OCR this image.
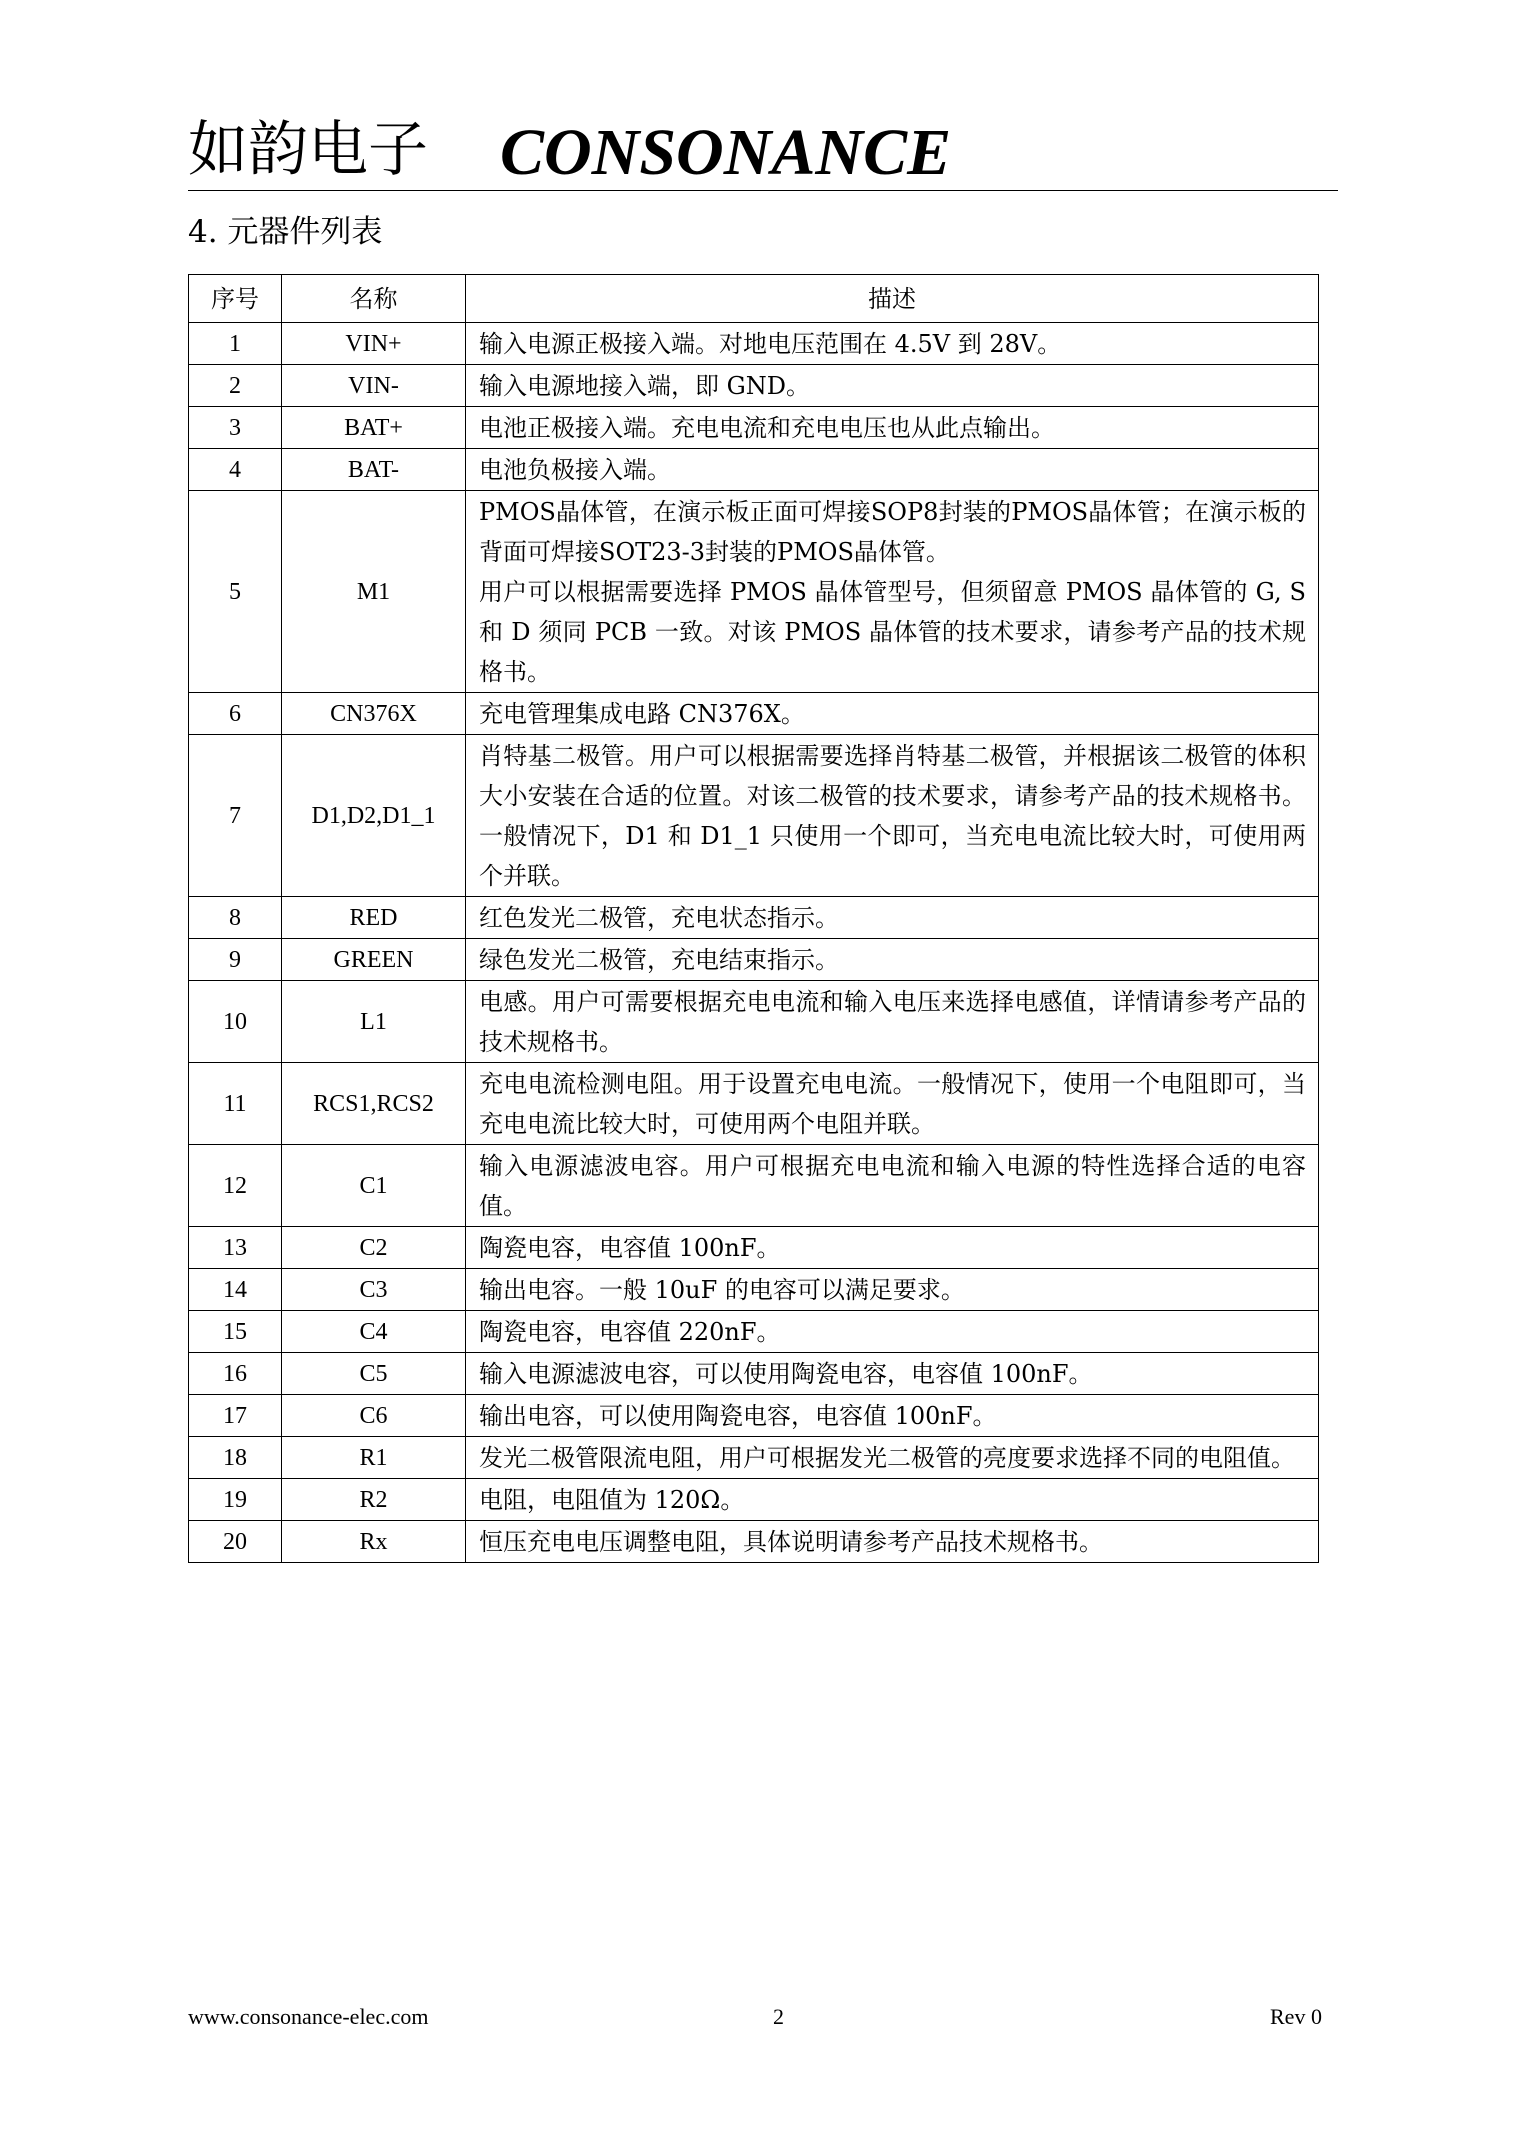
如韵电子 CONSONANCE
4. 元器件列表
序号	名称	描述
1	VIN+	输入电源正极接入端。对地电压范围在 4.5V 到 28V。

2	VIN-	输入电源地接入端，即 GND。

3	BAT+	电池正极接入端。充电电流和充电电压也从此点输出。

4	BAT-	电池负极接入端。

5	M1	PMOS晶体管，在演示板正面可焊接SOP8封装的PMOS晶体管；在演示板的背面可焊接SOT23-3封装的PMOS晶体管。
用户可以根据需要选择 PMOS 晶体管型号，但须留意 PMOS 晶体管的 G, S 和 D 须同 PCB 一致。对该 PMOS 晶体管的技术要求，请参考产品的技术规格书。

6	CN376X	充电管理集成电路 CN376X。

7	D1,D2,D1_1	肖特基二极管。用户可以根据需要选择肖特基二极管，并根据该二极管的体积大小安装在合适的位置。对该二极管的技术要求，请参考产品的技术规格书。一般情况下，D1 和 D1_1 只使用一个即可，当充电电流比较大时，可使用两个并联。

8	RED	红色发光二极管，充电状态指示。

9	GREEN	绿色发光二极管，充电结束指示。

10	L1	电感。用户可需要根据充电电流和输入电压来选择电感值，详情请参考产品的技术规格书。

11	RCS1,RCS2	充电电流检测电阻。用于设置充电电流。一般情况下，使用一个电阻即可，当充电电流比较大时，可使用两个电阻并联。

12	C1	输入电源滤波电容。用户可根据充电电流和输入电源的特性选择合适的电容值。

13	C2	陶瓷电容，电容值 100nF。

14	C3	输出电容。一般 10uF 的电容可以满足要求。

15	C4	陶瓷电容，电容值 220nF。

16	C5	输入电源滤波电容，可以使用陶瓷电容，电容值 100nF。

17	C6	输出电容，可以使用陶瓷电容，电容值 100nF。

18	R1	发光二极管限流电阻，用户可根据发光二极管的亮度要求选择不同的电阻值。

19	R2	电阻，电阻值为 120Ω。

20	Rx	恒压充电电压调整电阻，具体说明请参考产品技术规格书。
www.consonance-elec.com	2	Rev 0
